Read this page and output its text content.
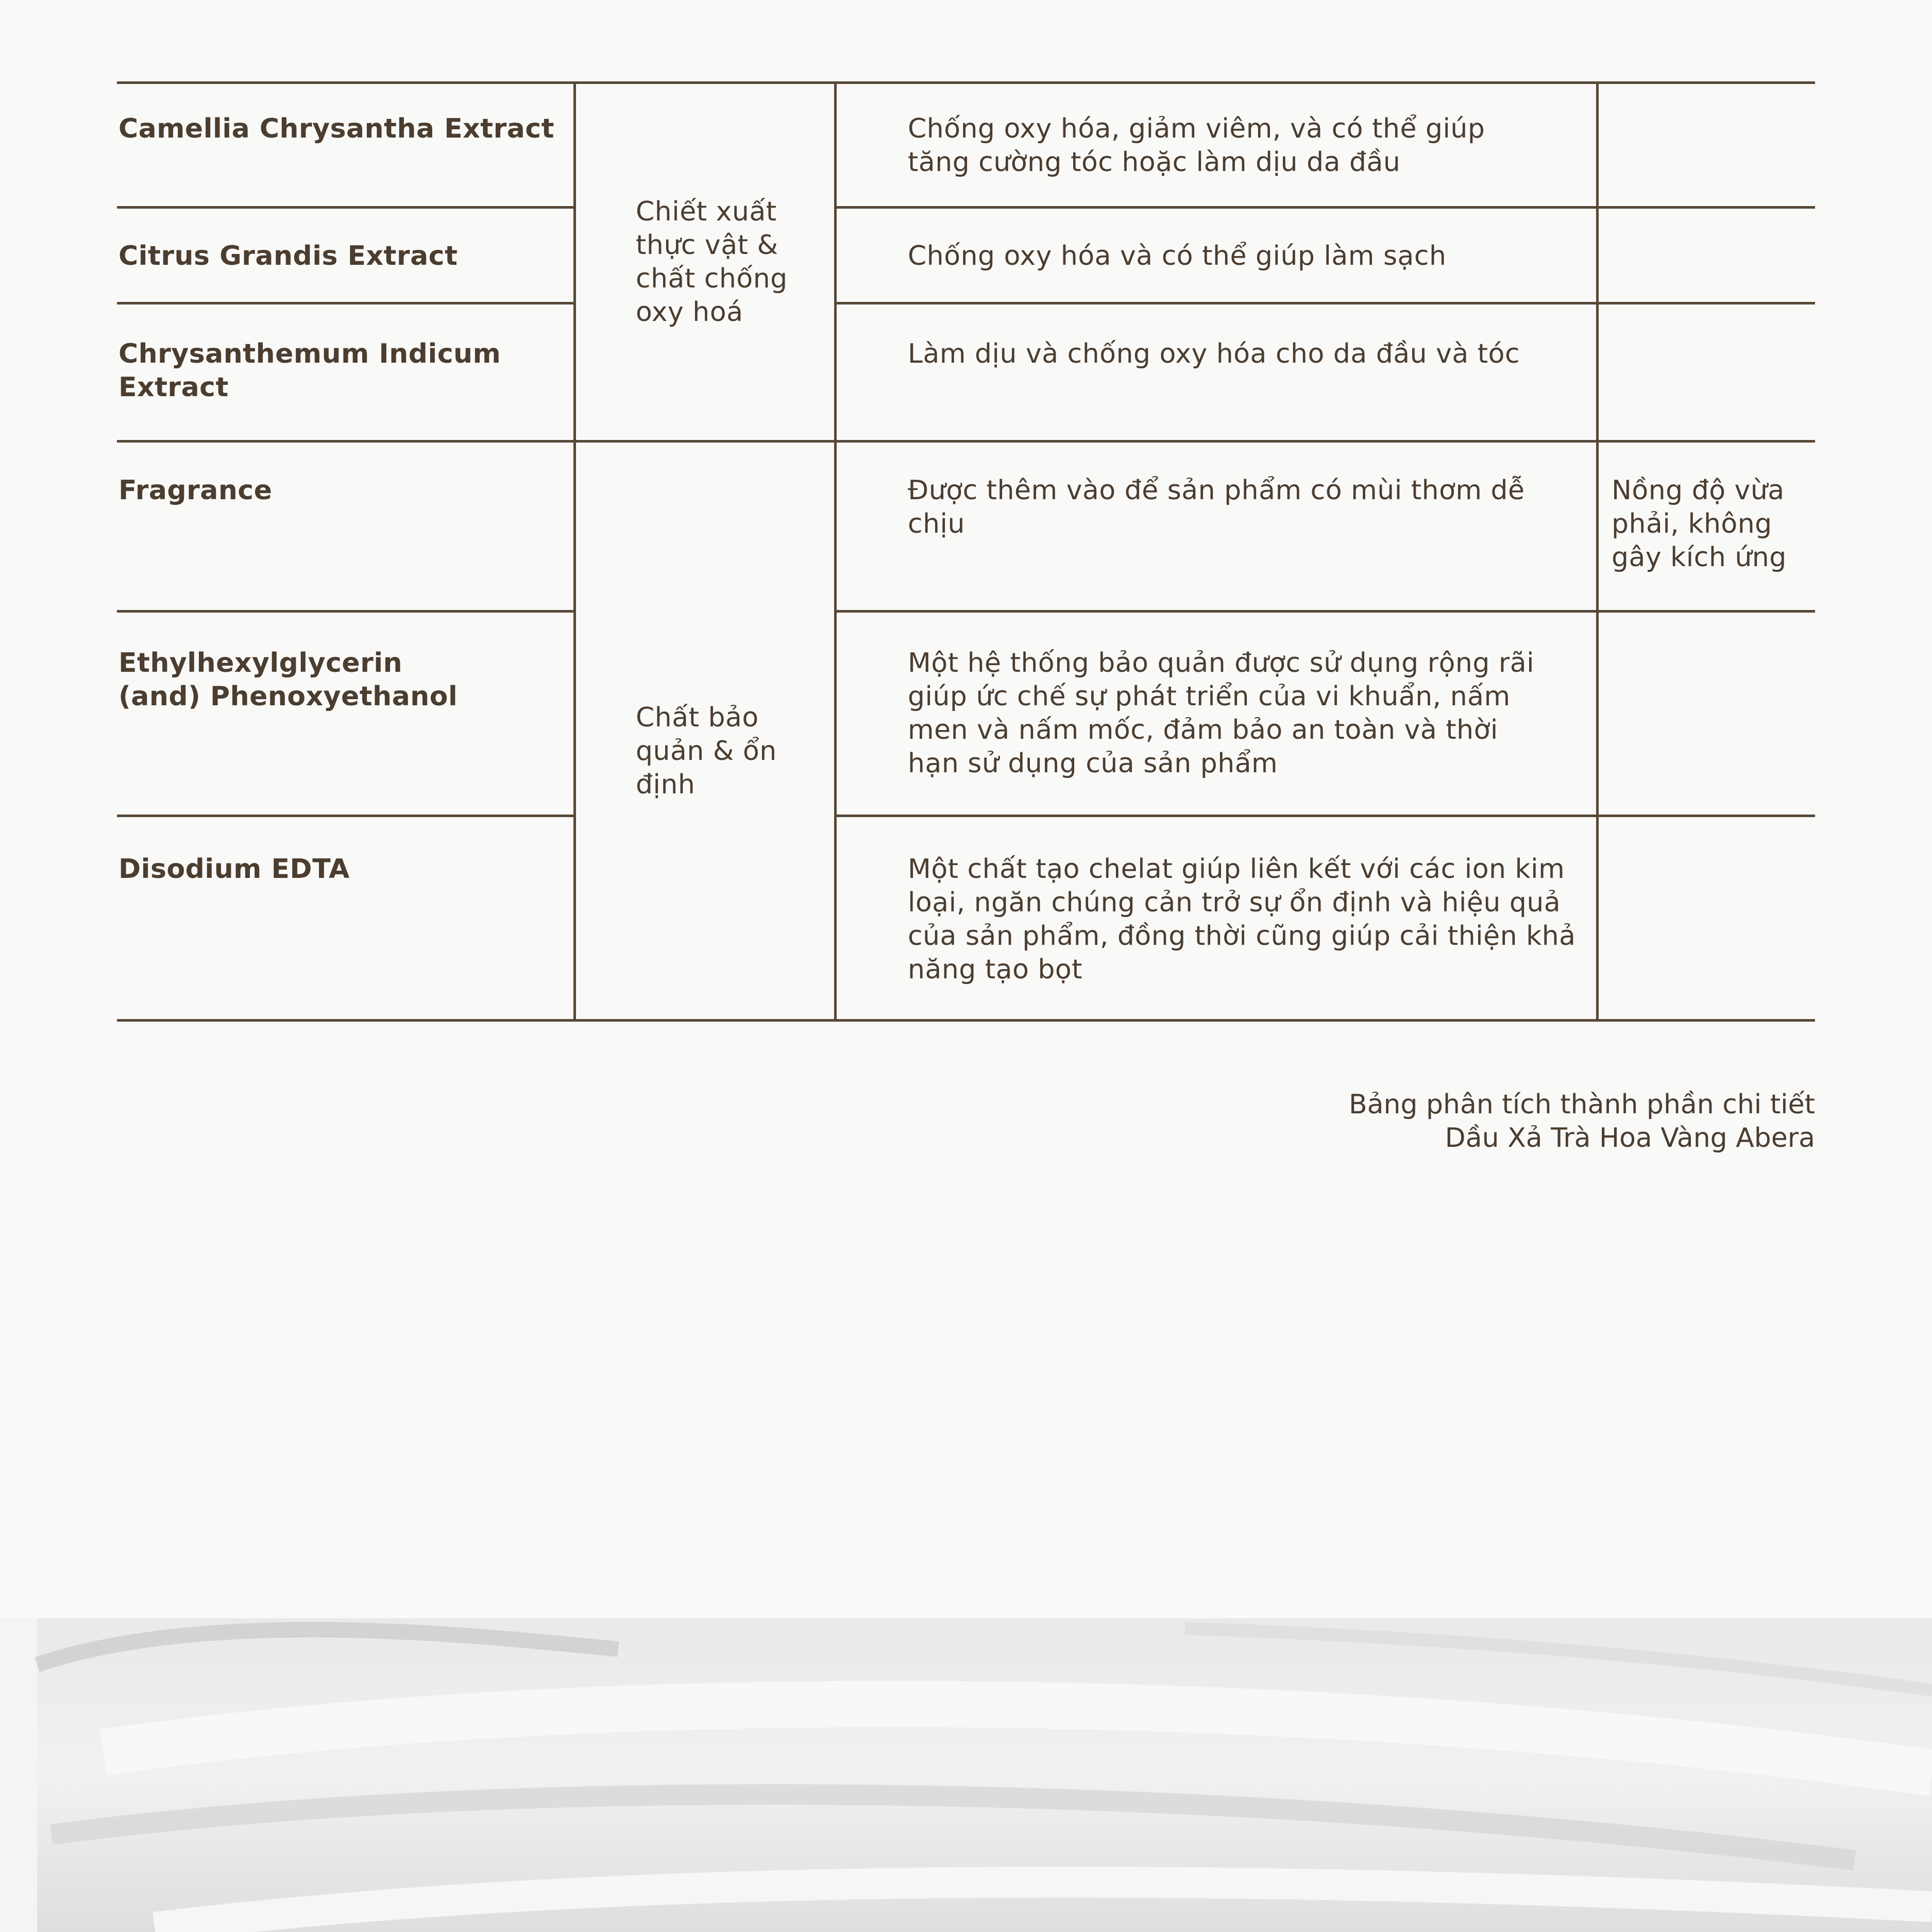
Camellia Chrysantha Extract
Citrus Grandis Extract
Chrysanthemum Indicum Extract
Fragrance
Ethylhexylglycerin (and) Phenoxyethanol
Disodium EDTA
Chiết xuất thực vật & chất chống oxy hoá
Chất bảo quản & ổn định
Chống oxy hóa, giảm viêm, và có thể giúp tăng cường tóc hoặc làm dịu da đầu
Chống oxy hóa và có thể giúp làm sạch
Làm dịu và chống oxy hóa cho da đầu và tóc
Được thêm vào để sản phẩm có mùi thơm dễ chịu
Một hệ thống bảo quản được sử dụng rộng rãi giúp ức chế sự phát triển của vi khuẩn, nấm men và nấm mốc, đảm bảo an toàn và thời hạn sử dụng của sản phẩm
Một chất tạo chelat giúp liên kết với các ion kim loại, ngăn chúng cản trở sự ổn định và hiệu quả của sản phẩm, đồng thời cũng giúp cải thiện khả năng tạo bọt
Nồng độ vừa phải, không gây kích ứng
Bảng phân tích thành phần chi tiết
Dầu Xả Trà Hoa Vàng Abera
